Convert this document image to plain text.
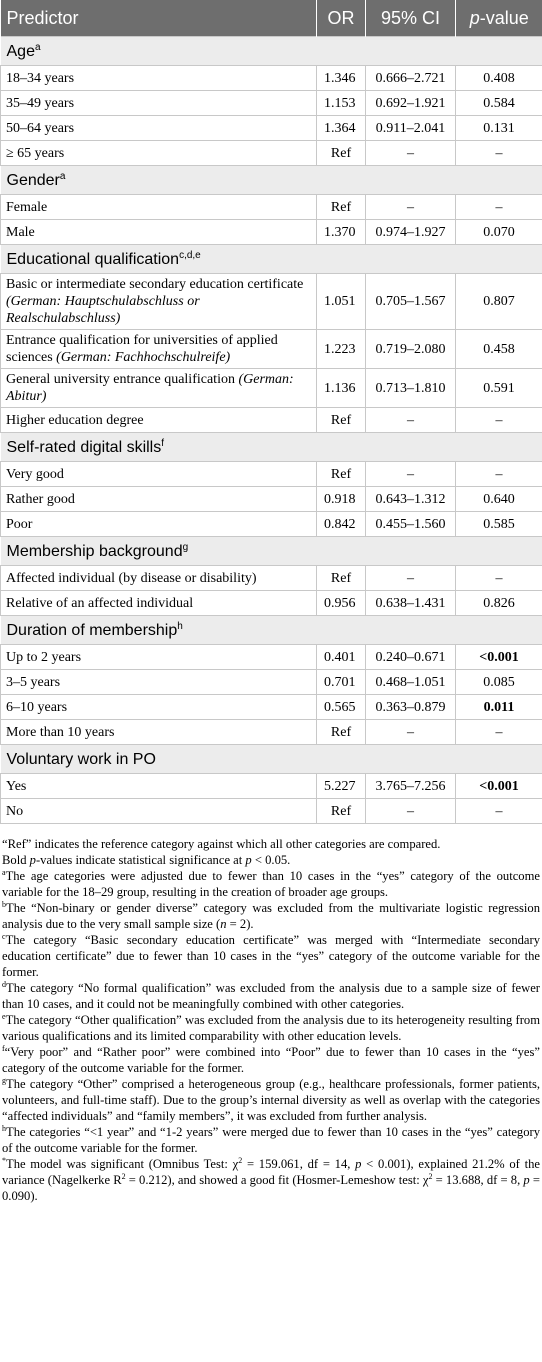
Predictor	OR	95% CI	p-value
Age$^a$
18–34 years	1.346	0.666–2.721	0.408
35–49 years	1.153	0.692–1.921	0.584
50–64 years	1.364	0.911–2.041	0.131
≥ 65 years	Ref	–	–
Gender$^a$
Female	Ref	–	–
Male	1.370	0.974–1.927	0.070
Educational qualification$^{c,d,e}$
Basic or intermediate secondary education certificate (German: Hauptschulabschluss or Realschulabschluss)	1.051	0.705–1.567	0.807
Entrance qualification for universities of applied sciences (German: Fachhochschulreife)	1.223	0.719–2.080	0.458
General university entrance qualification (German: Abitur)	1.136	0.713–1.810	0.591
Higher education degree	Ref	–	–
Self-rated digital skills$^f$
Very good	Ref	–	–
Rather good	0.918	0.643–1.312	0.640
Poor	0.842	0.455–1.560	0.585
Membership background$^g$
Affected individual (by disease or disability)	Ref	–	–
Relative of an affected individual	0.956	0.638–1.431	0.826
Duration of membership$^h$
Up to 2 years	0.401	0.240–0.671	<0.001
3–5 years	0.701	0.468–1.051	0.085
6–10 years	0.565	0.363–0.879	0.011
More than 10 years	Ref	–	–
Voluntary work in PO			
Yes	5.227	3.765–7.256	<0.001
No	Ref	–	–

“Ref” indicates the reference category against which all other categories are compared.

Bold p-values indicate statistical significance at p < 0.05.

$^a$The age categories were adjusted due to fewer than 10 cases in the “yes” category of the outcome variable for the 18–29 group, resulting in the creation of broader age groups.

$^b$The “Non-binary or gender diverse” category was excluded from the multivariate logistic regression analysis due to the very small sample size (n = 2).

$^c$The category “Basic secondary education certificate” was merged with “Intermediate secondary education certificate” due to fewer than 10 cases in the “yes” category of the outcome variable for the former.

$^d$The category “No formal qualification” was excluded from the analysis due to a sample size of fewer than 10 cases, and it could not be meaningfully combined with other categories.

$^e$The category “Other qualification” was excluded from the analysis due to its heterogeneity resulting from various qualifications and its limited comparability with other education levels.

$^f$“Very poor” and “Rather poor” were combined into “Poor” due to fewer than 10 cases in the “yes” category of the outcome variable for the former.

$^g$The category “Other” comprised a heterogeneous group (e.g., healthcare professionals, former patients, volunteers, and full-time staff). Due to the group’s internal diversity as well as overlap with the categories “affected individuals” and “family members”, it was excluded from further analysis.

$^h$The categories “<1 year” and “1-2 years” were merged due to fewer than 10 cases in the “yes” category of the outcome variable for the former.

*The model was significant (Omnibus Test: $\chi^2 = 159.061$, df = 14, p < 0.001), explained 21.2% of the variance (Nagelkerke $R^2 = 0.212$), and showed a good fit (Hosmer-Lemeshow test: $\chi^2 = 13.688$, df = 8, p = 0.090).
